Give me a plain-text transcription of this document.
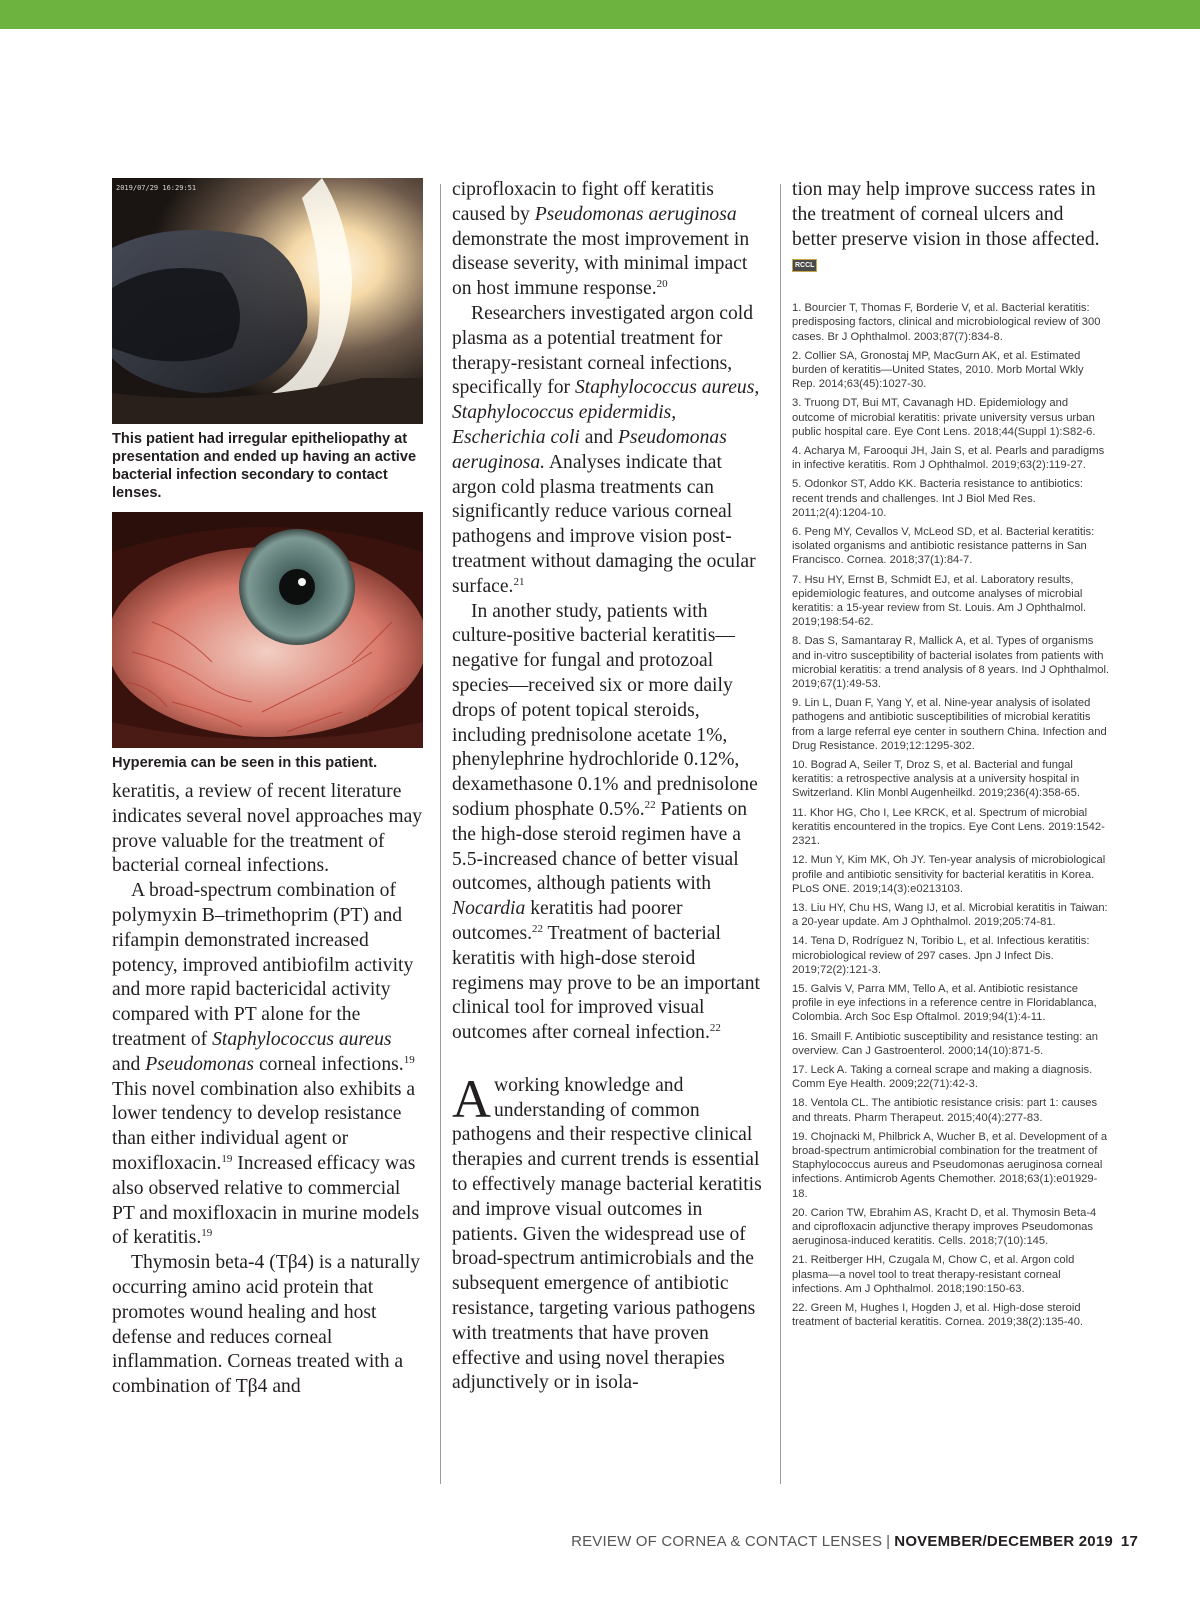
2019/07/29 16:29:51
This patient had irregular epitheliopathy at presentation and ended up having an active bacterial infection secondary to contact lenses.
Hyperemia can be seen in this patient.

keratitis, a review of recent literature indicates several novel approaches may prove valuable for the treatment of bacterial corneal infections.

A broad-spectrum combination of polymyxin B–trimethoprim (PT) and rifampin demonstrated increased potency, improved antibiofilm activity and more rapid bactericidal activity compared with PT alone for the treatment of Staphylococcus aureus and Pseudomonas corneal infections.$^{19}$ This novel combination also exhibits a lower tendency to develop resistance than either individual agent or moxifloxacin.$^{19}$ Increased efficacy was also observed relative to commercial PT and moxifloxacin in murine models of keratitis.$^{19}$

Thymosin beta-4 (Tβ4) is a naturally occurring amino acid protein that promotes wound healing and host defense and reduces corneal inflammation. Corneas treated with a combination of Tβ4 and

ciprofloxacin to fight off keratitis caused by Pseudomonas aeruginosa demonstrate the most improvement in disease severity, with minimal impact on host immune response.$^{20}$

Researchers investigated argon cold plasma as a potential treatment for therapy-resistant corneal infections, specifically for Staphylococcus aureus, Staphylococcus epidermidis, Escherichia coli and Pseudomonas aeruginosa. Analyses indicate that argon cold plasma treatments can significantly reduce various corneal pathogens and improve vision post-treatment without damaging the ocular surface.$^{21}$

In another study, patients with culture-positive bacterial keratitis—negative for fungal and protozoal species—received six or more daily drops of potent topical steroids, including prednisolone acetate 1%, phenylephrine hydrochloride 0.12%, dexamethasone 0.1% and prednisolone sodium phosphate 0.5%.$^{22}$ Patients on the high-dose steroid regimen have a 5.5-increased chance of better visual outcomes, although patients with Nocardia keratitis had poorer outcomes.$^{22}$ Treatment of bacterial keratitis with high-dose steroid regimens may prove to be an important clinical tool for improved visual outcomes after corneal infection.$^{22}$

Aworking knowledge and understanding of common pathogens and their respective clinical therapies and current trends is essential to effectively manage bacterial keratitis and improve visual outcomes in patients. Given the widespread use of broad-spectrum antimicrobials and the subsequent emergence of antibiotic resistance, targeting various pathogens with treatments that have proven effective and using novel therapies adjunctively or in isola-

tion may help improve success rates in the treatment of corneal ulcers and better preserve vision in those affected. RCCL

1. Bourcier T, Thomas F, Borderie V, et al. Bacterial keratitis: predisposing factors, clinical and microbiological review of 300 cases. Br J Ophthalmol. 2003;87(7):834-8.
2. Collier SA, Gronostaj MP, MacGurn AK, et al. Estimated burden of keratitis—United States, 2010. Morb Mortal Wkly Rep. 2014;63(45):1027-30.
3. Truong DT, Bui MT, Cavanagh HD. Epidemiology and outcome of microbial keratitis: private university versus urban public hospital care. Eye Cont Lens. 2018;44(Suppl 1):S82-6.
4. Acharya M, Farooqui JH, Jain S, et al. Pearls and paradigms in infective keratitis. Rom J Ophthalmol. 2019;63(2):119-27.
5. Odonkor ST, Addo KK. Bacteria resistance to antibiotics: recent trends and challenges. Int J Biol Med Res. 2011;2(4):1204-10.
6. Peng MY, Cevallos V, McLeod SD, et al. Bacterial keratitis: isolated organisms and antibiotic resistance patterns in San Francisco. Cornea. 2018;37(1):84-7.
7. Hsu HY, Ernst B, Schmidt EJ, et al. Laboratory results, epidemiologic features, and outcome analyses of microbial keratitis: a 15-year review from St. Louis. Am J Ophthalmol. 2019;198:54-62.
8. Das S, Samantaray R, Mallick A, et al. Types of organisms and in-vitro susceptibility of bacterial isolates from patients with microbial keratitis: a trend analysis of 8 years. Ind J Ophthalmol. 2019;67(1):49-53.
9. Lin L, Duan F, Yang Y, et al. Nine-year analysis of isolated pathogens and antibiotic susceptibilities of microbial keratitis from a large referral eye center in southern China. Infection and Drug Resistance. 2019;12:1295-302.
10. Bograd A, Seiler T, Droz S, et al. Bacterial and fungal keratitis: a retrospective analysis at a university hospital in Switzerland. Klin Monbl Augenheilkd. 2019;236(4):358-65.
11. Khor HG, Cho I, Lee KRCK, et al. Spectrum of microbial keratitis encountered in the tropics. Eye Cont Lens. 2019:1542-2321.
12. Mun Y, Kim MK, Oh JY. Ten-year analysis of microbiological profile and antibiotic sensitivity for bacterial keratitis in Korea. PLoS ONE. 2019;14(3):e0213103.
13. Liu HY, Chu HS, Wang IJ, et al. Microbial keratitis in Taiwan: a 20-year update. Am J Ophthalmol. 2019;205:74-81.
14. Tena D, Rodríguez N, Toribio L, et al. Infectious keratitis: microbiological review of 297 cases. Jpn J Infect Dis. 2019;72(2):121-3.
15. Galvis V, Parra MM, Tello A, et al. Antibiotic resistance profile in eye infections in a reference centre in Floridablanca, Colombia. Arch Soc Esp Oftalmol. 2019;94(1):4-11.
16. Smaill F. Antibiotic susceptibility and resistance testing: an overview. Can J Gastroenterol. 2000;14(10):871-5.
17. Leck A. Taking a corneal scrape and making a diagnosis. Comm Eye Health. 2009;22(71):42-3.
18. Ventola CL. The antibiotic resistance crisis: part 1: causes and threats. Pharm Therapeut. 2015;40(4):277-83.
19. Chojnacki M, Philbrick A, Wucher B, et al. Development of a broad-spectrum antimicrobial combination for the treatment of Staphylococcus aureus and Pseudomonas aeruginosa corneal infections. Antimicrob Agents Chemother. 2018;63(1):e01929-18.
20. Carion TW, Ebrahim AS, Kracht D, et al. Thymosin Beta-4 and ciprofloxacin adjunctive therapy improves Pseudomonas aeruginosa-induced keratitis. Cells. 2018;7(10):145.
21. Reitberger HH, Czugala M, Chow C, et al. Argon cold plasma—a novel tool to treat therapy-resistant corneal infections. Am J Ophthalmol. 2018;190:150-63.
22. Green M, Hughes I, Hogden J, et al. High-dose steroid treatment of bacterial keratitis. Cornea. 2019;38(2):135-40.
REVIEW OF CORNEA & CONTACT LENSES | NOVEMBER/DECEMBER 2019 17
